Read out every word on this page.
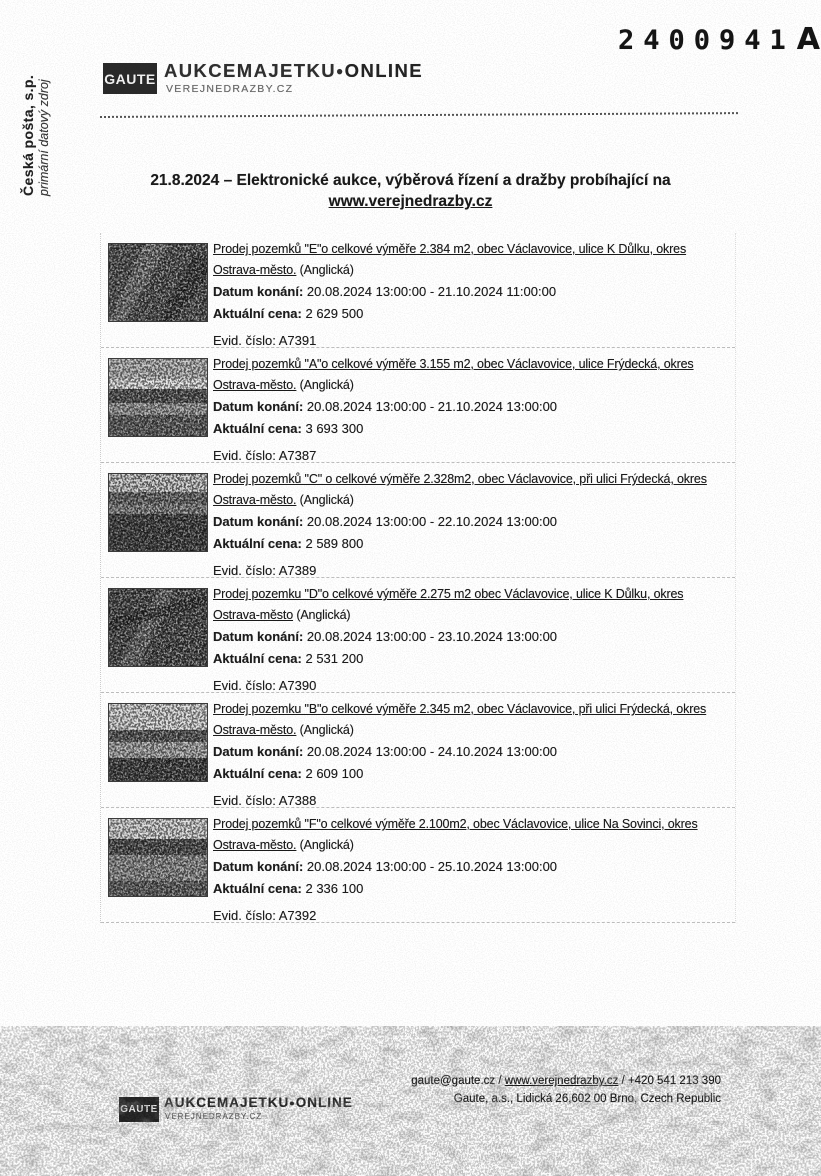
2400941A
Česká pošta, s.p. primární datový zdroj
GAUTE AUKCEMAJETKU●ONLINE
VEREJNEDRAZBY.CZ
21.8.2024 – Elektronické aukce, výběrová řízení a dražby probíhající na
www.verejnedrazby.cz
Prodej pozemků "E"o celkové výměře 2.384 m2, obec Václavovice, ulice K Důlku, okres Ostrava-město. (Anglická)
Datum konání: 20.08.2024 13:00:00 - 21.10.2024 11:00:00
Aktuální cena: 2 629 500
Evid. číslo: A7391
Prodej pozemků "A"o celkové výměře 3.155 m2, obec Václavovice, ulice Frýdecká, okres Ostrava-město. (Anglická)
Datum konání: 20.08.2024 13:00:00 - 21.10.2024 13:00:00
Aktuální cena: 3 693 300
Evid. číslo: A7387
Prodej pozemků "C" o celkové výměře 2.328m2, obec Václavovice, při ulici Frýdecká, okres Ostrava-město. (Anglická)
Datum konání: 20.08.2024 13:00:00 - 22.10.2024 13:00:00
Aktuální cena: 2 589 800
Evid. číslo: A7389
Prodej pozemku "D"o celkové výměře 2.275 m2 obec Václavovice, ulice K Důlku, okres Ostrava-město (Anglická)
Datum konání: 20.08.2024 13:00:00 - 23.10.2024 13:00:00
Aktuální cena: 2 531 200
Evid. číslo: A7390
Prodej pozemku "B"o celkové výměře 2.345 m2, obec Václavovice, při ulici Frýdecká, okres Ostrava-město. (Anglická)
Datum konání: 20.08.2024 13:00:00 - 24.10.2024 13:00:00
Aktuální cena: 2 609 100
Evid. číslo: A7388
Prodej pozemků "F"o celkové výměře 2.100m2, obec Václavovice, ulice Na Sovinci, okres Ostrava-město. (Anglická)
Datum konání: 20.08.2024 13:00:00 - 25.10.2024 13:00:00
Aktuální cena: 2 336 100
Evid. číslo: A7392
GAUTE AUKCEMAJETKU●ONLINE
VEREJNEDRAZBY.CZ
gaute@gaute.cz / www.verejnedrazby.cz / +420 541 213 390
Gaute, a.s., Lidická 26,602 00 Brno, Czech Republic
